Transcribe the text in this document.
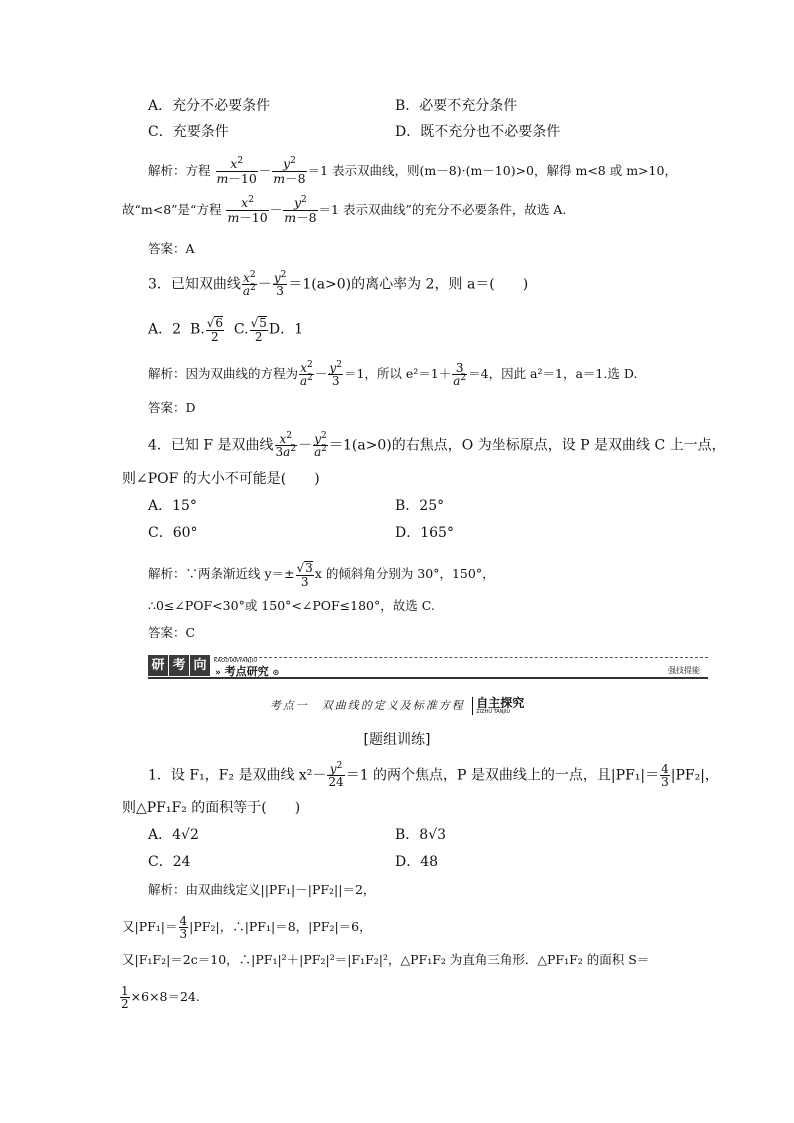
A．充分不必要条件	B．必要不充分条件
C．充要条件	D．既不充分也不必要条件
解析：方程 $\frac{x^2}{m-10} - \frac{y^2}{m-8} =1$ 表示双曲线，则(m－8)·(m－10)>0，解得 m<8 或 m>10，
故“m<8”是“方程 $\frac{x^2}{m-10} - \frac{y^2}{m-8} =1$ 表示双曲线”的充分不必要条件，故选 A.
答案：A
3．已知双曲线 $\frac{x^2}{a^2} - \frac{y^2}{3} =1(a>0)$的离心率为 2，则 a＝(　　)
A．2 B. $\frac{√6}{2} C$. $\frac{√5}{2}$ D．1
解析：因为双曲线的方程为 $\frac{x^2}{a^2} - \frac{y^2}{3} =1$，所以 $e^2=1+ \frac{3}{a^2} =4$，因此 a²＝1，a＝1.选 D.
答案：D
4．已知 F 是双曲线 $\frac{x^2}{3a^2} - \frac{y^2}{a^2} =1(a>0)$的右焦点，O 为坐标原点，设 P 是双曲线 C 上一点，
则∠POF 的大小不可能是(　　)
A．15°	B．25°
C．60°	D．165°
解析：∵两条渐近线 $y=\pm \frac{√3}{3}$ x 的倾斜角分别为 30°，150°，
∴0≤∠POF<30°或 150°<∠POF≤180°，故选 C.
答案：C
研 考 向	KAODIANYANJIU
» 考点研究 ⊙	强技提能
考点一　双曲线的定义及标准方程 自主探究
ZIZHU TANJIU
[题组训练]
1．设 F₁，F₂ 是双曲线 $x^2- \frac{y^2}{24} =1$ 的两个焦点，P 是双曲线上的一点，且$|PF_1|= \frac{4}{3} |PF_2|$，
则△PF₁F₂ 的面积等于(　　)
A．4√2	B．8√3
C．24	D．48
解析：由双曲线定义||PF₁|－|PF₂||＝2，
又$|PF_1|= \frac{4}{3} |PF_2|$，∴|PF₁|＝8，|PF₂|＝6，
又|F₁F₂|＝2c＝10，∴|PF₁|²＋|PF₂|²＝|F₁F₂|²，△PF₁F₂ 为直角三角形．△PF₁F₂ 的面积 S＝
$\frac{1}{2} \times 6\times 8=24$.
